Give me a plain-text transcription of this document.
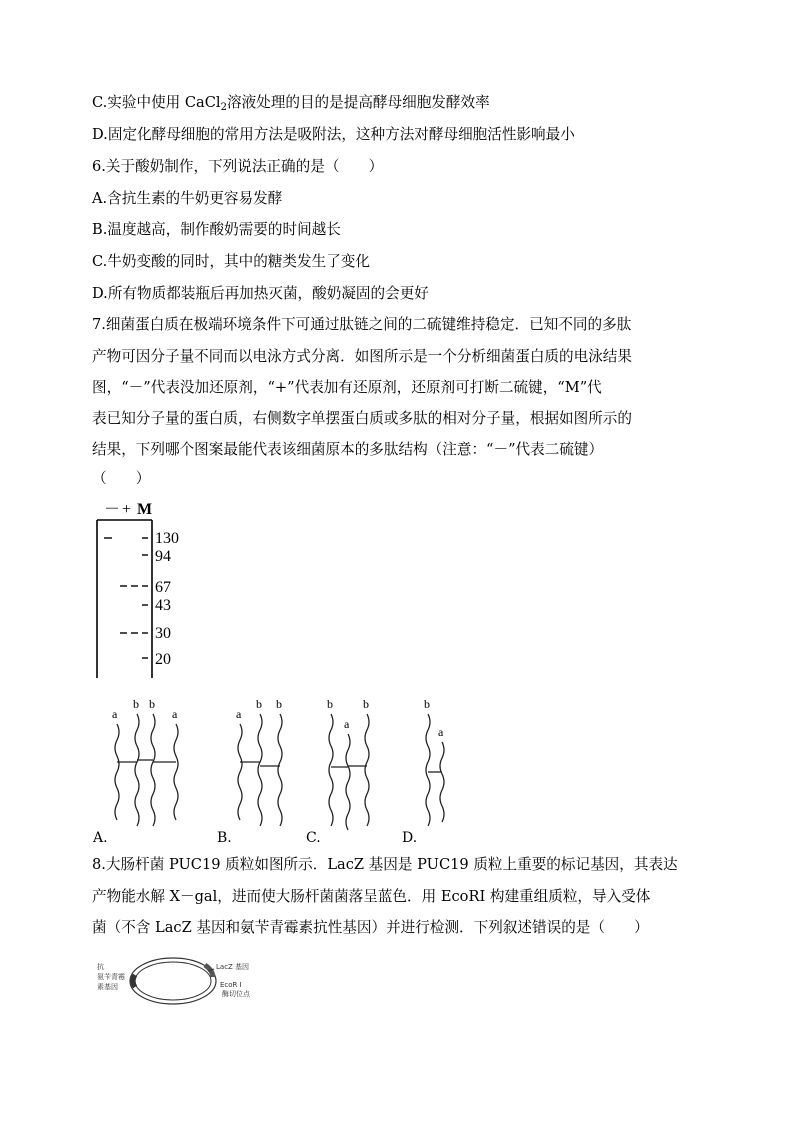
C.实验中使用 CaCl$_2$溶液处理的目的是提高酵母细胞发酵效率
D.固定化酵母细胞的常用方法是吸附法，这种方法对酵母细胞活性影响最小
6.关于酸奶制作，下列说法正确的是（　　）
A.含抗生素的牛奶更容易发酵
B.温度越高，制作酸奶需要的时间越长
C.牛奶变酸的同时，其中的糖类发生了变化
D.所有物质都装瓶后再加热灭菌，酸奶凝固的会更好
7.细菌蛋白质在极端环境条件下可通过肽链之间的二硫键维持稳定．已知不同的多肽
产物可因分子量不同而以电泳方式分离．如图所示是一个分析细菌蛋白质的电泳结果
图，“－”代表没加还原剂，“+”代表加有还原剂，还原剂可打断二硫键，“M”代
表已知分子量的蛋白质，右侧数字单摆蛋白质或多肽的相对分子量，根据如图所示的
结果，下列哪个图案最能代表该细菌原本的多肽结构（注意：“－”代表二硫键）
（　　）
－ + M
130
94
67
43
30
20
a
b b
a	a
b b	b
a
b	b
a
A.	B.	C.	D.
8.大肠杆菌 PUC19 质粒如图所示．LacZ 基因是 PUC19 质粒上重要的标记基因，其表达
产物能水解 X－gal，进而使大肠杆菌菌落呈蓝色．用 EcoRI 构建重组质粒，导入受体
菌（不含 LacZ 基因和氨苄青霉素抗性基因）并进行检测．下列叙述错误的是（　　）
抗
氨苄青霉
素基因
LacZ 基因
EcoR I
酶切位点
